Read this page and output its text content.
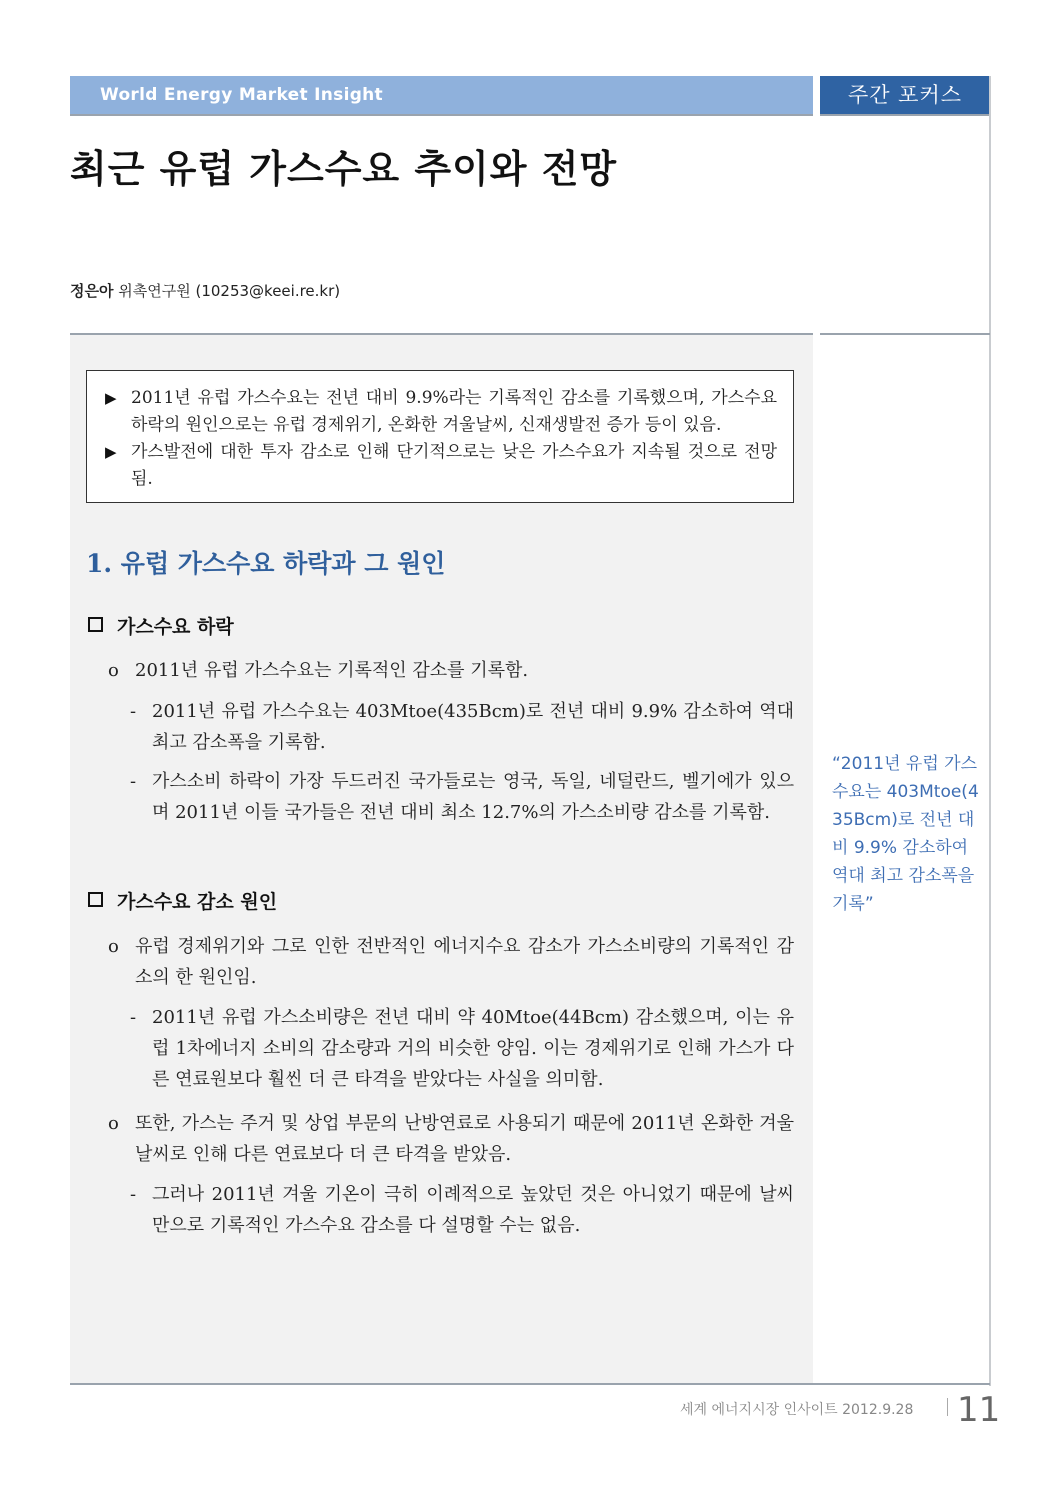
World Energy Market Insight	주간 포커스
최근 유럽 가스수요 추이와 전망
정은아 위촉연구원 (10253@keei.re.kr)
▶ 2011년 유럽 가스수요는 전년 대비 9.9%라는 기록적인 감소를 기록했으며, 가스수요 하락의 원인으로는 유럽 경제위기, 온화한 겨울날씨, 신재생발전 증가 등이 있음.
▶ 가스발전에 대한 투자 감소로 인해 단기적으로는 낮은 가스수요가 지속될 것으로 전망됨.
1. 유럽 가스수요 하락과 그 원인
가스수요 하락
o 2011년 유럽 가스수요는 기록적인 감소를 기록함.
- 2011년 유럽 가스수요는 403Mtoe(435Bcm)로 전년 대비 9.9% 감소하여 역대 최고 감소폭을 기록함.
- 가스소비 하락이 가장 두드러진 국가들로는 영국, 독일, 네덜란드, 벨기에가 있으며 2011년 이들 국가들은 전년 대비 최소 12.7%의 가스소비량 감소를 기록함.
가스수요 감소 원인
o 유럽 경제위기와 그로 인한 전반적인 에너지수요 감소가 가스소비량의 기록적인 감소의 한 원인임.
- 2011년 유럽 가스소비량은 전년 대비 약 40Mtoe(44Bcm) 감소했으며, 이는 유럽 1차에너지 소비의 감소량과 거의 비슷한 양임. 이는 경제위기로 인해 가스가 다른 연료원보다 훨씬 더 큰 타격을 받았다는 사실을 의미함.
o 또한, 가스는 주거 및 상업 부문의 난방연료로 사용되기 때문에 2011년 온화한 겨울날씨로 인해 다른 연료보다 더 큰 타격을 받았음.
- 그러나 2011년 겨울 기온이 극히 이례적으로 높았던 것은 아니었기 때문에 날씨만으로 기록적인 가스수요 감소를 다 설명할 수는 없음.
“2011년 유럽 가스수요는 403Mtoe(435Bcm)로 전년 대비 9.9% 감소하여 역대 최고 감소폭을 기록”
세계 에너지시장 인사이트 2012.9.28 11
